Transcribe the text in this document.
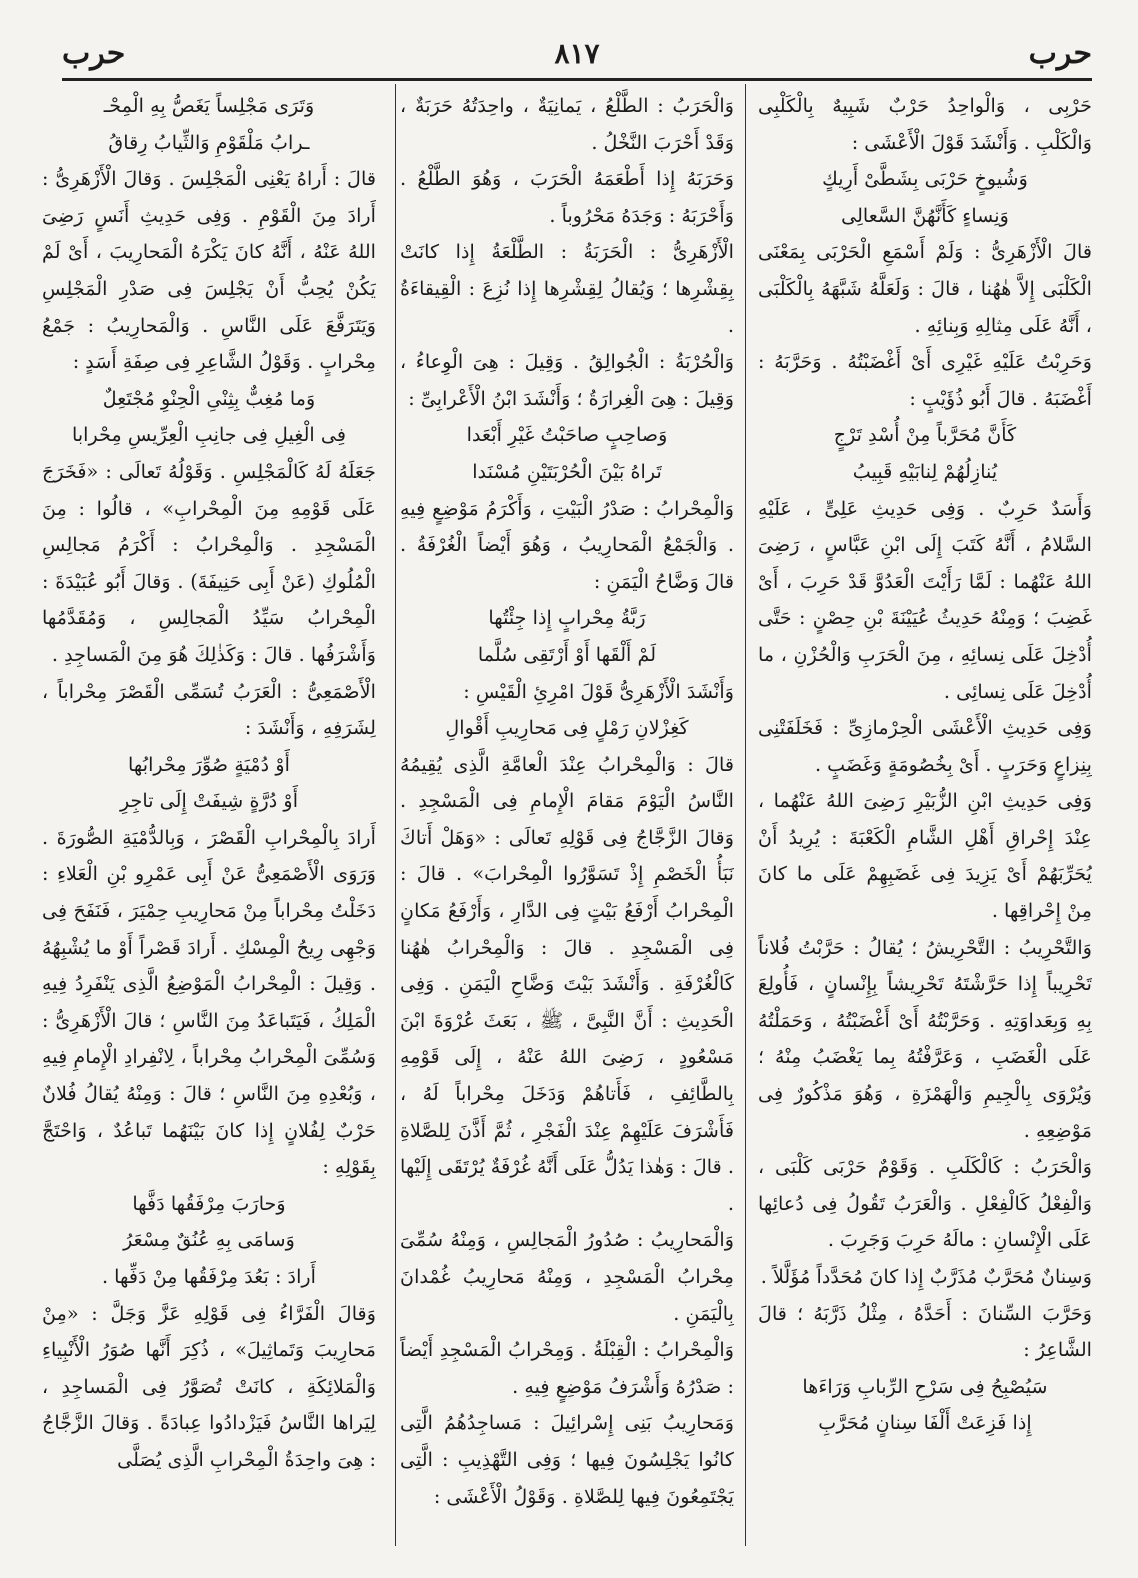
حرب
٨١٧
حرب

حَرْبِى ، وَالْواحِدُ حَرْبٌ شَبِيهٌ بِالْكَلْبِى وَالْكَلْبِ . وَأَنْشَدَ قَوْلَ الْأَعْشَى :

وَشُيوخٍ حَرْبَى بِشَطَّىْ أَرِيكٍ

وَنِساءٍ كَأَنَّهُنَّ السَّعالِى

قالَ الْأَزْهَرِىُّ : وَلَمْ أَسْمَعِ الْحَرْبَى بِمَعْنَى الْكَلْبَى إِلاَّ هٰهُنا ، قالَ : وَلَعَلَّهُ شَبَّهَهُ بِالْكَلْبَى ، أَنَّهُ عَلَى مِثالِهِ وَبِنائِهِ .

وَحَرِبْتُ عَلَيْهِ غَيْرِى أَىْ أَغْضَبْتُهُ . وَحَرَّبَهُ : أَغْضَبَهُ . قالَ أَبُو ذُؤَيْبٍ :

كَأَنَّ مُحَرَّباً مِنْ أُسْدِ تَرْجٍ

يُنازِلُهُمْ لِنابَيْهِ قَبِيبُ

وَأَسَدٌ حَرِبٌ . وَفِى حَدِيثِ عَلِىٍّ ، عَلَيْهِ السَّلامُ ، أَنَّهُ كَتَبَ إِلَى ابْنِ عَبَّاسٍ ، رَضِىَ اللهُ عَنْهُما : لَمَّا رَأَيْتَ الْعَدُوَّ قَدْ حَرِبَ ، أَىْ غَضِبَ ؛ وَمِنْهُ حَدِيثُ عُيَيْنَةَ بْنِ حِصْنٍ : حَتَّى أُدْخِلَ عَلَى نِسائِهِ ، مِنَ الْحَرَبِ وَالْحُزْنِ ، ما أُدْخِلَ عَلَى نِسائِى .

وَفِى حَدِيثِ الْأَعْشَى الْحِرْمازِىِّ : فَخَلَفَتْنِى بِنِزاعٍ وَحَرَبٍ . أَىْ بِخُصُومَةٍ وَغَضَبٍ .

وَفِى حَدِيثِ ابْنِ الزُّبَيْرِ رَضِىَ اللهُ عَنْهُما ، عِنْدَ إِحْراقِ أَهْلِ الشَّامِ الْكَعْبَةَ : يُرِيدُ أَنْ يُحَرِّبَهُمْ أَىْ يَزِيدَ فِى غَضَبِهِمْ عَلَى ما كانَ مِنْ إِحْراقِها .

وَالتَّحْرِيبُ : التَّحْرِيشُ ؛ يُقالُ : حَرَّبْتُ فُلاناً تَحْرِيباً إِذا حَرَّشْتَهُ تَحْرِيشاً بِإِنْسانٍ ، فَأُولِعَ بِهِ وَبِعَداوَتِهِ . وَحَرَّبْتُهُ أَىْ أَغْضَبْتُهُ ، وَحَمَلْتُهُ عَلَى الْغَضَبِ ، وَعَرَّفْتُهُ بِما يَغْضَبُ مِنْهُ ؛ وَيُرْوَى بِالْجِيمِ وَالْهَمْزَةِ ، وَهُوَ مَذْكُورٌ فِى مَوْضِعِهِ .

وَالْحَرَبُ : كَالْكَلَبِ . وَقَوْمٌ حَرْبَى كَلْبَى ، وَالْفِعْلُ كَالْفِعْلِ . وَالْعَرَبُ تَقُولُ فِى دُعائِها عَلَى الْإِنْسانِ : مالَهُ حَرِبَ وَجَرِبَ .

وَسِنانٌ مُحَرَّبٌ مُذَرَّبٌ إِذا كانَ مُحَدَّداً مُؤَلَّلاً .

وَحَرَّبَ السِّنانَ : أَحَدَّهُ ، مِثْلُ ذَرَّبَهُ ؛ قالَ الشَّاعِرُ :

سَيُصْبِحُ فِى سَرْحِ الرِّبابِ وَرَاءَها

إِذا فَزِعَتْ أَلْفَا سِنانٍ مُحَرَّبِ

وَالْحَرَبُ : الطَّلْعُ ، يَمانِيَةٌ ، واحِدَتُهُ حَرَبَةٌ ، وَقَدْ أَحْرَبَ النَّخْلُ .

وَحَرَبَهُ إِذا أَطْعَمَهُ الْحَرَبَ ، وَهُوَ الطَّلْعُ . وَأَحْرَبَهُ : وَجَدَهُ مَحْرُوباً .

الْأَزْهَرِىُّ : الْحَرَبَةُ : الطَّلْعَةُ إِذا كانَتْ بِقِشْرِها ؛ وَيُقالُ لِقِشْرِها إِذا نُزِعَ : الْقِيقاءَةُ .

وَالْحُرْبَةُ : الْجُوالِقُ . وَقِيلَ : هِىَ الْوِعاءُ ، وَقِيلَ : هِىَ الْغِرارَةُ ؛ وَأَنْشَدَ ابْنُ الْأَعْرابِىِّ :

وَصاحِبٍ صاحَبْتُ غَيْرِ أَبْعَدا

تَراهُ بَيْنَ الْحُرْبَتَيْنِ مُسْنَدا

وَالْمِحْرابُ : صَدْرُ الْبَيْتِ ، وَأَكْرَمُ مَوْضِعٍ فِيهِ . وَالْجَمْعُ الْمَحارِيبُ ، وَهُوَ أَيْضاً الْغُرْفَةُ . قالَ وَضَّاحُ الْيَمَنِ :

رَبَّةُ مِحْرابٍ إِذا جِئْتُها

لَمْ أَلْقَها أَوْ أَرْتَقِى سُلَّما

وَأَنْشَدَ الْأَزْهَرِىُّ قَوْلَ امْرِئِ الْقَيْسِ :

كَغِزْلانِ رَمْلٍ فِى مَحارِيبِ أَقْوالِ

قالَ : وَالْمِحْرابُ عِنْدَ الْعامَّةِ الَّذِى يُقِيمُهُ النَّاسُ الْيَوْمَ مَقامَ الْإِمامِ فِى الْمَسْجِدِ . وَقالَ الزَّجَّاجُ فِى قَوْلِهِ تَعالَى : «وَهَلْ أَتاكَ نَبَأُ الْخَصْمِ إِذْ تَسَوَّرُوا الْمِحْرابَ» . قالَ : الْمِحْرابُ أَرْفَعُ بَيْتٍ فِى الدَّارِ ، وَأَرْفَعُ مَكانٍ فِى الْمَسْجِدِ . قالَ : وَالْمِحْرابُ هٰهُنا كَالْغُرْفَةِ . وَأَنْشَدَ بَيْتَ وَضَّاحِ الْيَمَنِ . وَفِى الْحَدِيثِ : أَنَّ النَّبِىَّ ، ﷺ ، بَعَثَ عُرْوَةَ ابْنَ مَسْعُودٍ ، رَضِىَ اللهُ عَنْهُ ، إِلَى قَوْمِهِ بِالطَّائِفِ ، فَأَتاهُمْ وَدَخَلَ مِحْراباً لَهُ ، فَأَشْرَفَ عَلَيْهِمْ عِنْدَ الْفَجْرِ ، ثُمَّ أَذَّنَ لِلصَّلاةِ . قالَ : وَهٰذا يَدُلُّ عَلَى أَنَّهُ غُرْفَةٌ يُرْتَقَى إِلَيْها .

وَالْمَحارِيبُ : صُدُورُ الْمَجالِسِ ، وَمِنْهُ سُمِّىَ مِحْرابُ الْمَسْجِدِ ، وَمِنْهُ مَحارِيبُ غُمْدانَ بِالْيَمَنِ .

وَالْمِحْرابُ : الْقِبْلَةُ . وَمِحْرابُ الْمَسْجِدِ أَيْضاً : صَدْرُهُ وَأَشْرَفُ مَوْضِعٍ فِيهِ .

وَمَحارِيبُ بَنِى إِسْرائِيلَ : مَساجِدُهُمُ الَّتِى كانُوا يَجْلِسُونَ فِيها ؛ وَفِى التَّهْذِيبِ : الَّتِى يَجْتَمِعُونَ فِيها لِلصَّلاةِ . وَقَوْلُ الْأَعْشَى :

وَتَرَى مَجْلِساً يَغَصُّ بِهِ الْمِحْـ

ـرابُ مَلْقَوْمِ وَالثِّيابُ رِقاقُ

قالَ : أَراهُ يَعْنِى الْمَجْلِسَ . وَقالَ الْأَزْهَرِىُّ : أَرادَ مِنَ الْقَوْمِ . وَفِى حَدِيثِ أَنَسٍ رَضِىَ اللهُ عَنْهُ ، أَنَّهُ كانَ يَكْرَهُ الْمَحارِيبَ ، أَىْ لَمْ يَكُنْ يُحِبُّ أَنْ يَجْلِسَ فِى صَدْرِ الْمَجْلِسِ وَيَتَرَفَّعَ عَلَى النَّاسِ . وَالْمَحارِيبُ : جَمْعُ مِحْرابٍ . وَقَوْلُ الشَّاعِرِ فِى صِفَةِ أَسَدٍ :

وَما مُغِبٌّ بِثِنْىِ الْحِنْوِ مُجْتَعِلٌ

فِى الْغِيلِ فِى جانِبِ الْعِرِّيسِ مِحْرابا

جَعَلَهُ لَهُ كَالْمَجْلِسِ . وَقَوْلُهُ تَعالَى : «فَخَرَجَ عَلَى قَوْمِهِ مِنَ الْمِحْرابِ» ، قالُوا : مِنَ الْمَسْجِدِ . وَالْمِحْرابُ : أَكْرَمُ مَجالِسِ الْمُلُوكِ (عَنْ أَبِى حَنِيفَةَ) . وَقالَ أَبُو عُبَيْدَةَ : الْمِحْرابُ سَيِّدُ الْمَجالِسِ ، وَمُقَدَّمُها وَأَشْرَفُها . قالَ : وَكَذٰلِكَ هُوَ مِنَ الْمَساجِدِ .

الْأَصْمَعِىُّ : الْعَرَبُ تُسَمِّى الْقَصْرَ مِحْراباً ، لِشَرَفِهِ ، وَأَنْشَدَ :

أَوْ دُمْيَةٍ صُوِّرَ مِحْرابُها

أَوْ دُرَّةٍ شِيفَتْ إِلَى تاجِرِ

أَرادَ بِالْمِحْرابِ الْقَصْرَ ، وَبِالدُّمْيَةِ الصُّورَةَ . وَرَوَى الْأَصْمَعِىُّ عَنْ أَبِى عَمْرِو بْنِ الْعَلاءِ : دَخَلْتُ مِحْراباً مِنْ مَحارِيبِ حِمْيَرَ ، فَنَفَحَ فِى وَجْهِى رِيحُ الْمِسْكِ . أَرادَ قَصْراً أَوْ ما يُشْبِهُهُ . وَقِيلَ : الْمِحْرابُ الْمَوْضِعُ الَّذِى يَنْفَرِدُ فِيهِ الْمَلِكُ ، فَيَتَباعَدُ مِنَ النَّاسِ ؛ قالَ الْأَزْهَرِىُّ : وَسُمِّىَ الْمِحْرابُ مِحْراباً ، لِانْفِرادِ الْإِمامِ فِيهِ ، وَبُعْدِهِ مِنَ النَّاسِ ؛ قالَ : وَمِنْهُ يُقالُ فُلانٌ حَرْبٌ لِفُلانٍ إِذا كانَ بَيْنَهُما تَباعُدٌ ، وَاحْتَجَّ بِقَوْلِهِ :

وَحارَبَ مِرْفَقُها دَفَّها

وَسامَى بِهِ عُنُقٌ مِسْعَرُ

أَرادَ : بَعُدَ مِرْفَقُها مِنْ دَفِّها .

وَقالَ الْفَرَّاءُ فِى قَوْلِهِ عَزَّ وَجَلَّ : «مِنْ مَحارِيبَ وَتَماثِيلَ» ، ذُكِرَ أَنَّها صُوَرُ الْأَنْبِياءِ وَالْمَلائِكَةِ ، كانَتْ تُصَوَّرُ فِى الْمَساجِدِ ، لِيَراها النَّاسُ فَيَزْدادُوا عِبادَةً . وَقالَ الزَّجَّاجُ : هِىَ واحِدَةُ الْمِحْرابِ الَّذِى يُصَلَّى
